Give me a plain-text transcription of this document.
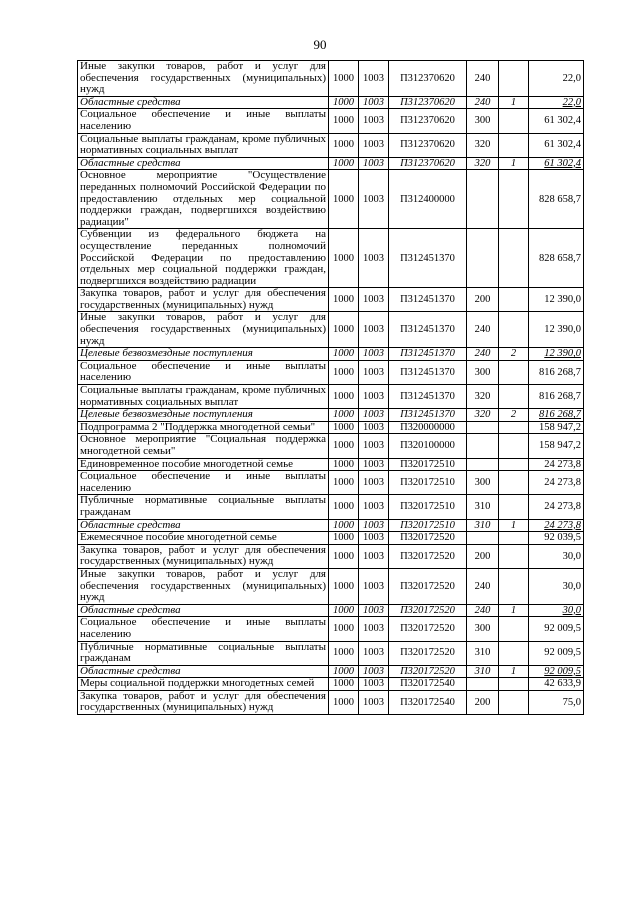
90
Иные закупки товаров, работ и услуг для обеспечения государственных (муниципальных) нужд	1000	1003	П312370620	240		22,0
Областные средства	1000	1003	П312370620	240	1	22,0
Социальное обеспечение и иные выплаты населению	1000	1003	П312370620	300		61 302,4
Социальные выплаты гражданам, кроме публичных нормативных социальных выплат	1000	1003	П312370620	320		61 302,4
Областные средства	1000	1003	П312370620	320	1	61 302,4
Основное мероприятие "Осуществление переданных полномочий Российской Федерации по предоставлению отдельных мер социальной поддержки граждан, подвергшихся воздействию радиации"	1000	1003	П312400000			828 658,7
Субвенции из федерального бюджета на осуществление переданных полномочий Российской Федерации по предоставлению отдельных мер социальной поддержки граждан, подвергшихся воздействию радиации	1000	1003	П312451370			828 658,7
Закупка товаров, работ и услуг для обеспечения государственных (муниципальных) нужд	1000	1003	П312451370	200		12 390,0
Иные закупки товаров, работ и услуг для обеспечения государственных (муниципальных) нужд	1000	1003	П312451370	240		12 390,0
Целевые безвозмездные поступления	1000	1003	П312451370	240	2	12 390,0
Социальное обеспечение и иные выплаты населению	1000	1003	П312451370	300		816 268,7
Социальные выплаты гражданам, кроме публичных нормативных социальных выплат	1000	1003	П312451370	320		816 268,7
Целевые безвозмездные поступления	1000	1003	П312451370	320	2	816 268,7
Подпрограмма 2 "Поддержка многодетной семьи"	1000	1003	П320000000			158 947,2
Основное мероприятие "Социальная поддержка многодетной семьи"	1000	1003	П320100000			158 947,2
Единовременное пособие многодетной семье	1000	1003	П320172510			24 273,8
Социальное обеспечение и иные выплаты населению	1000	1003	П320172510	300		24 273,8
Публичные нормативные социальные выплаты гражданам	1000	1003	П320172510	310		24 273,8
Областные средства	1000	1003	П320172510	310	1	24 273,8
Ежемесячное пособие многодетной семье	1000	1003	П320172520			92 039,5
Закупка товаров, работ и услуг для обеспечения государственных (муниципальных) нужд	1000	1003	П320172520	200		30,0
Иные закупки товаров, работ и услуг для обеспечения государственных (муниципальных) нужд	1000	1003	П320172520	240		30,0
Областные средства	1000	1003	П320172520	240	1	30,0
Социальное обеспечение и иные выплаты населению	1000	1003	П320172520	300		92 009,5
Публичные нормативные социальные выплаты гражданам	1000	1003	П320172520	310		92 009,5
Областные средства	1000	1003	П320172520	310	1	92 009,5
Меры социальной поддержки многодетных семей	1000	1003	П320172540			42 633,9
Закупка товаров, работ и услуг для обеспечения государственных (муниципальных) нужд	1000	1003	П320172540	200		75,0
